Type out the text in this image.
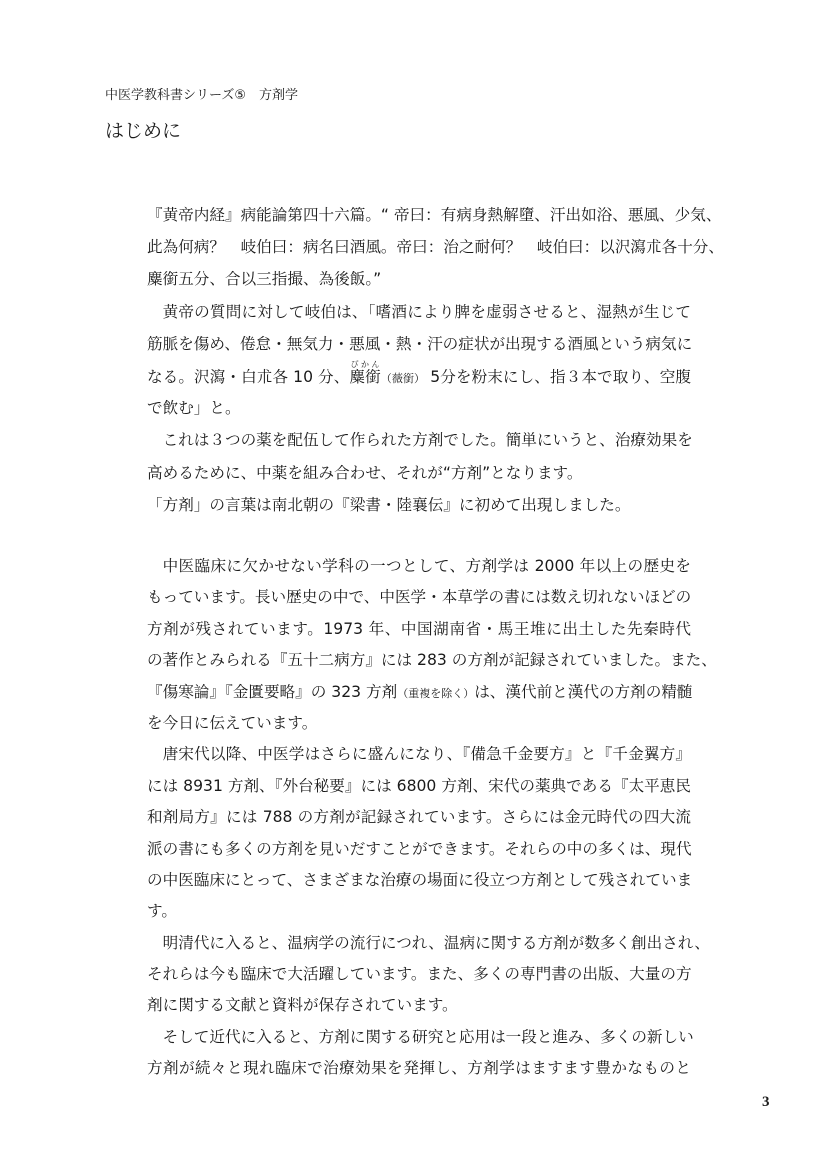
中医学教科書シリーズ⑤　方剤学
はじめに
『黄帝内経』病能論第四十六篇。“ 帝曰：有病身熱解墮、汗出如浴、悪風、少気、
此為何病？　岐伯曰：病名曰酒風。帝曰：治之耐何？　岐伯曰：以沢瀉朮各十分、
麋銜五分、合以三指撮、為後飯。”
黄帝の質問に対して岐伯は、「嗜酒により脾を虚弱させると、湿熱が生じて
筋脈を傷め、倦怠・無気力・悪風・熱・汗の症状が出現する酒風という病気に
なる。沢瀉・白朮各 10 分、麋銜びかん（薇銜） 5分を粉末にし、指３本で取り、空腹
で飲む」と。
これは３つの薬を配伍して作られた方剤でした。簡単にいうと、治療効果を
高めるために、中薬を組み合わせ、それが“方剤”となります。
「方剤」の言葉は南北朝の『梁書・陸襄伝』に初めて出現しました。
中医臨床に欠かせない学科の一つとして、方剤学は 2000 年以上の歴史を
もっています。長い歴史の中で、中医学・本草学の書には数え切れないほどの
方剤が残されています。1973 年、中国湖南省・馬王堆に出土した先秦時代
の著作とみられる『五十二病方』には 283 の方剤が記録されていました。また、
『傷寒論』『金匱要略』の 323 方剤（重複を除く）は、漢代前と漢代の方剤の精髄
を今日に伝えています。
唐宋代以降、中医学はさらに盛んになり、『備急千金要方』と『千金翼方』
には 8931 方剤、『外台秘要』には 6800 方剤、宋代の薬典である『太平恵民
和剤局方』には 788 の方剤が記録されています。さらには金元時代の四大流
派の書にも多くの方剤を見いだすことができます。それらの中の多くは、現代
の中医臨床にとって、さまざまな治療の場面に役立つ方剤として残されていま
す。
明清代に入ると、温病学の流行につれ、温病に関する方剤が数多く創出され、
それらは今も臨床で大活躍しています。また、多くの専門書の出版、大量の方
剤に関する文献と資料が保存されています。
そして近代に入ると、方剤に関する研究と応用は一段と進み、多くの新しい
方剤が続々と現れ臨床で治療効果を発揮し、方剤学はますます豊かなものと
3
